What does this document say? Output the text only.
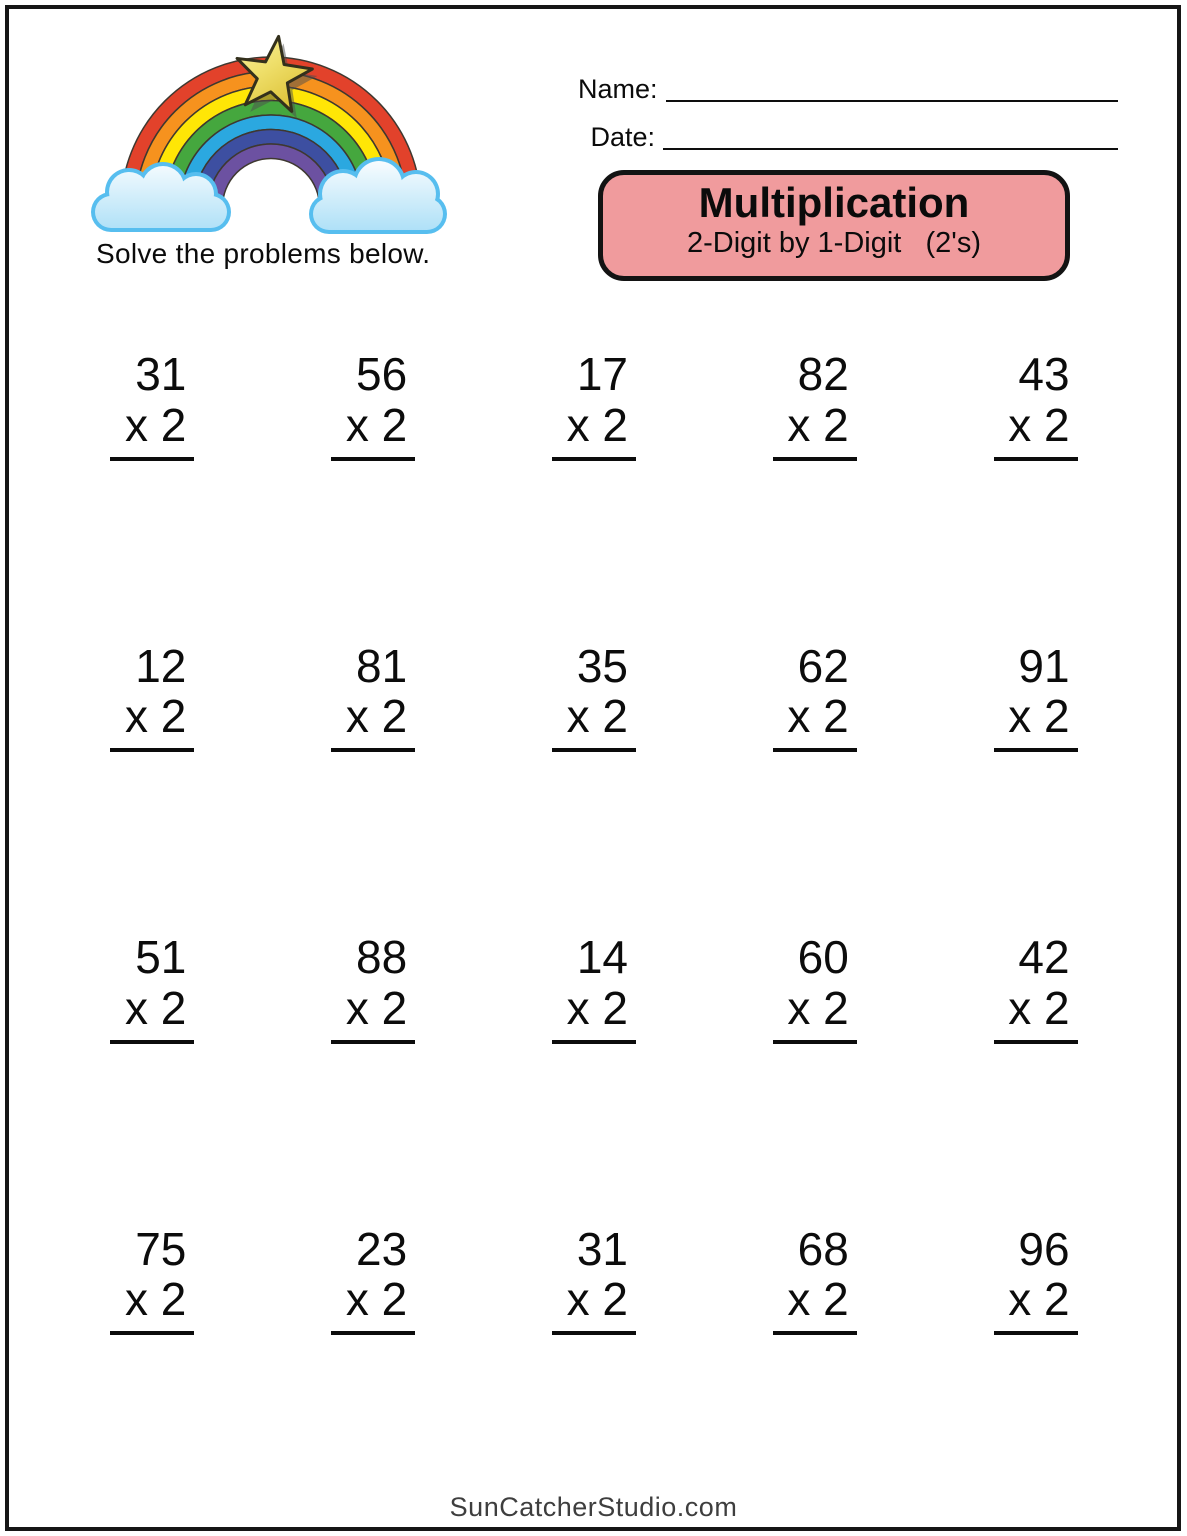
Solve the problems below.
Name:
Date:
Multiplication
2-Digit by 1-Digit   (2's)
31
x 2
56
x 2
17
x 2
82
x 2
43
x 2
12
x 2
81
x 2
35
x 2
62
x 2
91
x 2
51
x 2
88
x 2
14
x 2
60
x 2
42
x 2
75
x 2
23
x 2
31
x 2
68
x 2
96
x 2
SunCatcherStudio.com
